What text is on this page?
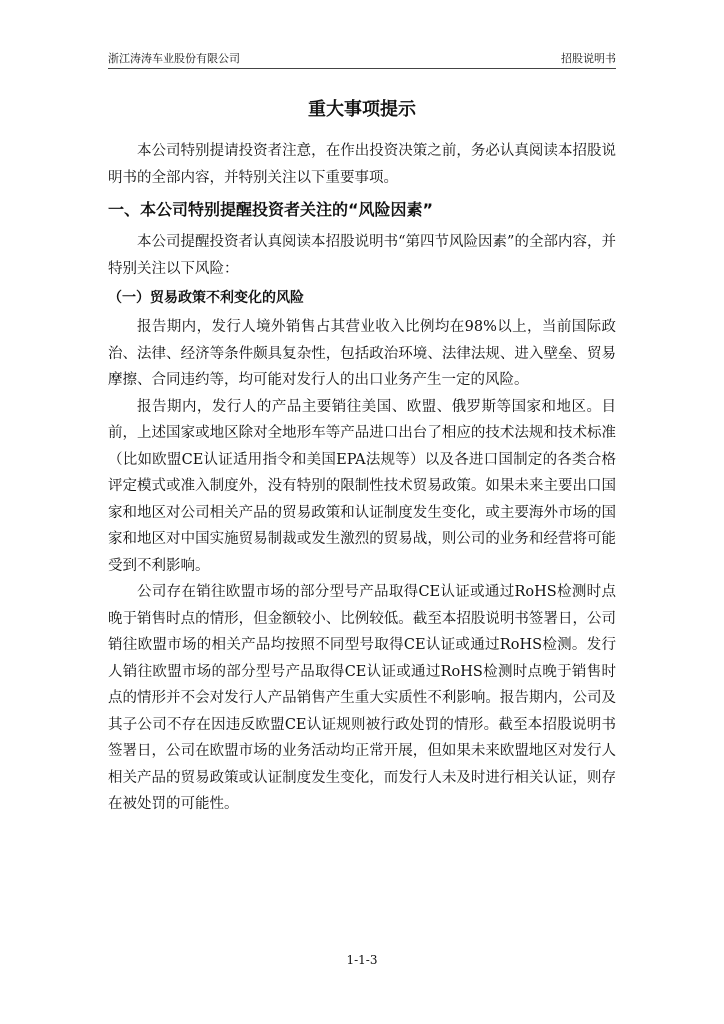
浙江涛涛车业股份有限公司	招股说明书
重大事项提示

本公司特别提请投资者注意，在作出投资决策之前，务必认真阅读本招股说明书的全部内容，并特别关注以下重要事项。

一、本公司特别提醒投资者关注的“风险因素”

本公司提醒投资者认真阅读本招股说明书“第四节风险因素”的全部内容，并特别关注以下风险：

（一）贸易政策不利变化的风险

报告期内，发行人境外销售占其营业收入比例均在98%以上，当前国际政治、法律、经济等条件颇具复杂性，包括政治环境、法律法规、进入壁垒、贸易摩擦、合同违约等，均可能对发行人的出口业务产生一定的风险。

报告期内，发行人的产品主要销往美国、欧盟、俄罗斯等国家和地区。目前，上述国家或地区除对全地形车等产品进口出台了相应的技术法规和技术标准（比如欧盟CE认证适用指令和美国EPA法规等）以及各进口国制定的各类合格评定模式或准入制度外，没有特别的限制性技术贸易政策。如果未来主要出口国家和地区对公司相关产品的贸易政策和认证制度发生变化，或主要海外市场的国家和地区对中国实施贸易制裁或发生激烈的贸易战，则公司的业务和经营将可能受到不利影响。

公司存在销往欧盟市场的部分型号产品取得CE认证或通过RoHS检测时点晚于销售时点的情形，但金额较小、比例较低。截至本招股说明书签署日，公司销往欧盟市场的相关产品均按照不同型号取得CE认证或通过RoHS检测。发行人销往欧盟市场的部分型号产品取得CE认证或通过RoHS检测时点晚于销售时点的情形并不会对发行人产品销售产生重大实质性不利影响。报告期内，公司及其子公司不存在因违反欧盟CE认证规则被行政处罚的情形。截至本招股说明书签署日，公司在欧盟市场的业务活动均正常开展，但如果未来欧盟地区对发行人相关产品的贸易政策或认证制度发生变化，而发行人未及时进行相关认证，则存在被处罚的可能性。

1-1-3
